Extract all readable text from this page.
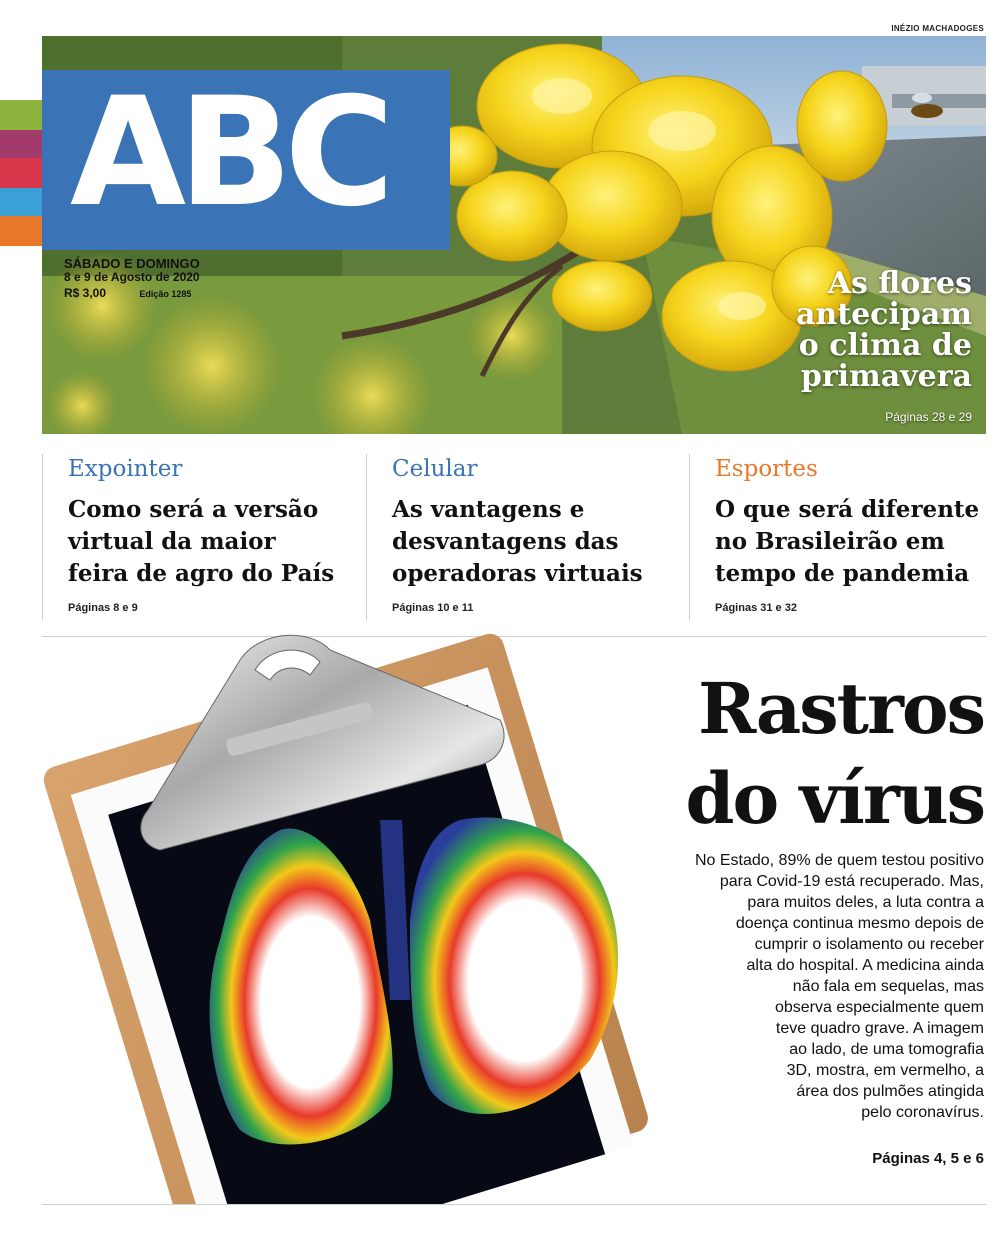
INÉZIO MACHADOGES
ABC
SÁBADO E DOMINGO
8 e 9 de Agosto de 2020
R$ 3,00	Edição 1285	As flores
antecipam
o clima de
primavera
Páginas 28 e 29
Expointer
Como será a versão
virtual da maior
feira de agro do País
Páginas 8 e 9
Celular
As vantagens e
desvantagens das
operadoras virtuais
Páginas 10 e 11
Esportes
O que será diferente
no Brasileirão em
tempo de pandemia
Páginas 31 e 32
Rastros
do vírus
No Estado, 89% de quem testou positivo
para Covid-19 está recuperado. Mas,
para muitos deles, a luta contra a
doença continua mesmo depois de
cumprir o isolamento ou receber
alta do hospital. A medicina ainda
não fala em sequelas, mas
observa especialmente quem
teve quadro grave. A imagem
ao lado, de uma tomografia
3D, mostra, em vermelho, a
área dos pulmões atingida
pelo coronavírus.
Páginas 4, 5 e 6
